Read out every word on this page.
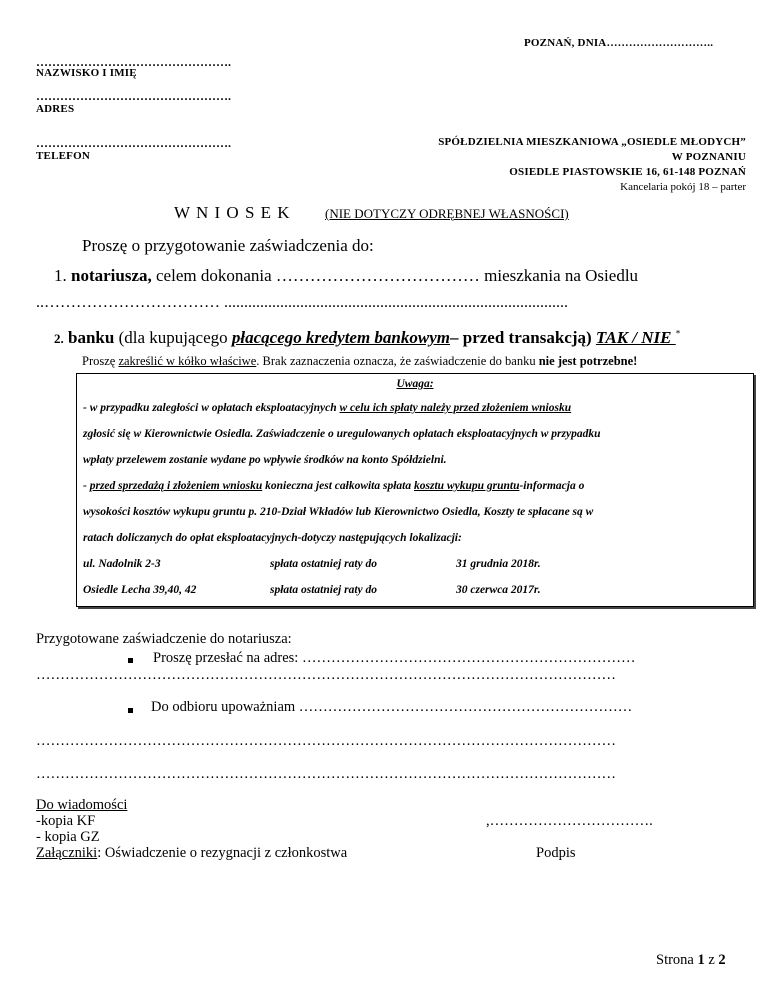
POZNAŃ, DNIA………………………..
………………………………………….
NAZWISKO I IMIĘ
………………………………………….
ADRES
………………………………………….
TELEFON
SPÓŁDZIELNIA MIESZKANIOWA „OSIEDLE MŁODYCH”
W POZNANIU
OSIEDLE PIASTOWSKIE 16, 61-148 POZNAŃ
Kancelaria pokój 18 – parter
W N I O S E K	(NIE DOTYCZY ODRĘBNEJ WŁASNOŚCI)
Proszę o przygotowanie zaświadczenia do:
1. notariusza, celem dokonania ……………………………… mieszkania na Osiedlu
..…………………………… ......................................................................................
2. banku (dla kupującego płacącego kredytem bankowym– przed transakcją) TAK / NIE *
Proszę zakreślić w kółko właściwe. Brak zaznaczenia oznacza, że zaświadczenie do banku nie jest potrzebne!
Uwaga:
- w przypadku zaległości w opłatach eksploatacyjnych w celu ich spłaty należy przed złożeniem wniosku
zgłosić się w Kierownictwie Osiedla. Zaświadczenie o uregulowanych opłatach eksploatacyjnych w przypadku
wpłaty przelewem zostanie wydane po wpływie środków na konto Spółdzielni.
- przed sprzedażą i złożeniem wniosku konieczna jest całkowita spłata kosztu wykupu gruntu-informacja o
wysokości kosztów wykupu gruntu p. 210-Dział Wkładów lub Kierownictwo Osiedla, Koszty te spłacane są w
ratach doliczanych do opłat eksploatacyjnych-dotyczy następujących lokalizacji:
ul. Nadolnik 2-3	spłata ostatniej raty do	31 grudnia 2018r.
Osiedle Lecha 39,40, 42	spłata ostatniej raty do	30 czerwca 2017r.
Przygotowane zaświadczenie do notariusza:
Proszę przesłać na adres: ……………………………………………………………
…………………………………………………………………………………………………………
Do odbioru upoważniam ……………………………………………………………
…………………………………………………………………………………………………………
…………………………………………………………………………………………………………
Do wiadomości
-kopia KF
- kopia GZ
Załączniki: Oświadczenie o rezygnacji z członkostwa
,…………………………….
Podpis
Strona 1 z 2
